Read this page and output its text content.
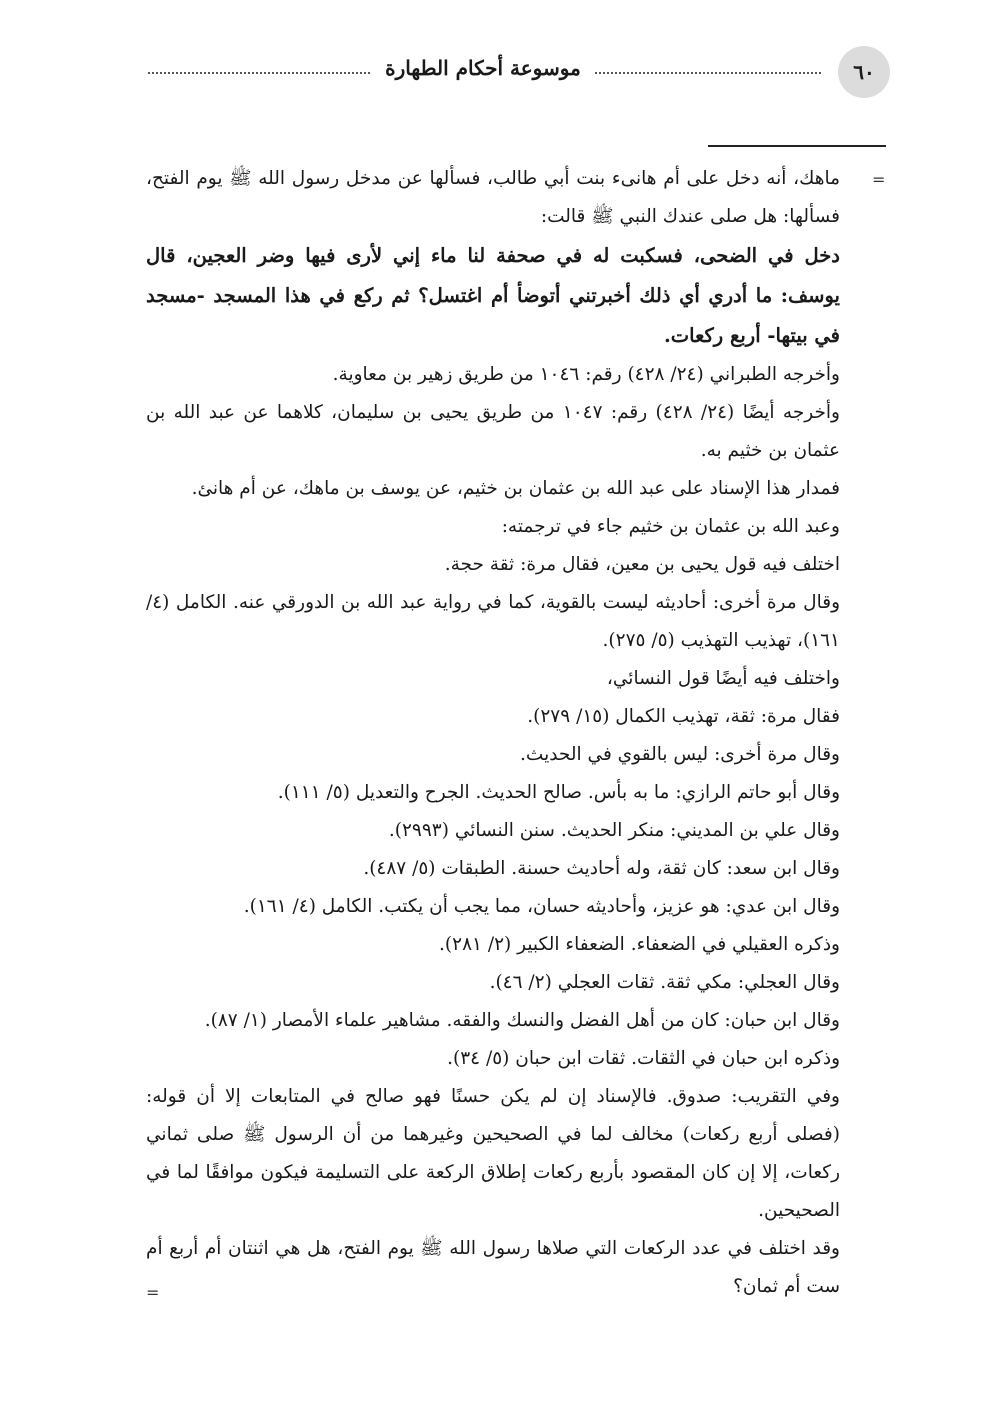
٦٠
موسوعة أحكام الطهارة
=

ماهك، أنه دخل على أم هانىء بنت أبي طالب، فسألها عن مدخل رسول الله ﷺ يوم الفتح، فسألها: هل صلى عندك النبي ﷺ قالت:

دخل في الضحى، فسكبت له في صحفة لنا ماء إني لأرى فيها وضر العجين، قال يوسف: ما أدري أي ذلك أخبرتني أتوضأ أم اغتسل؟ ثم ركع في هذا المسجد -مسجد في بيتها- أربع ركعات.

وأخرجه الطبراني (٢٤/ ٤٢٨) رقم: ١٠٤٦ من طريق زهير بن معاوية.

وأخرجه أيضًا (٢٤/ ٤٢٨) رقم: ١٠٤٧ من طريق يحيى بن سليمان، كلاهما عن عبد الله بن عثمان بن خثيم به.

فمدار هذا الإسناد على عبد الله بن عثمان بن خثيم، عن يوسف بن ماهك، عن أم هانئ.

وعبد الله بن عثمان بن خثيم جاء في ترجمته:

اختلف فيه قول يحيى بن معين، فقال مرة: ثقة حجة.

وقال مرة أخرى: أحاديثه ليست بالقوية، كما في رواية عبد الله بن الدورقي عنه. الكامل (٤/ ١٦١)، تهذيب التهذيب (٥/ ٢٧٥).

واختلف فيه أيضًا قول النسائي،

فقال مرة: ثقة، تهذيب الكمال (١٥/ ٢٧٩).

وقال مرة أخرى: ليس بالقوي في الحديث.

وقال أبو حاتم الرازي: ما به بأس. صالح الحديث. الجرح والتعديل (٥/ ١١١).

وقال علي بن المديني: منكر الحديث. سنن النسائي (٢٩٩٣).

وقال ابن سعد: كان ثقة، وله أحاديث حسنة. الطبقات (٥/ ٤٨٧).

وقال ابن عدي: هو عزيز، وأحاديثه حسان، مما يجب أن يكتب. الكامل (٤/ ١٦١).

وذكره العقيلي في الضعفاء. الضعفاء الكبير (٢/ ٢٨١).

وقال العجلي: مكي ثقة. ثقات العجلي (٢/ ٤٦).

وقال ابن حبان: كان من أهل الفضل والنسك والفقه. مشاهير علماء الأمصار (١/ ٨٧).

وذكره ابن حبان في الثقات. ثقات ابن حبان (٥/ ٣٤).

وفي التقريب: صدوق. فالإسناد إن لم يكن حسنًا فهو صالح في المتابعات إلا أن قوله: (فصلى أربع ركعات) مخالف لما في الصحيحين وغيرهما من أن الرسول ﷺ صلى ثماني ركعات، إلا إن كان المقصود بأربع ركعات إطلاق الركعة على التسليمة فيكون موافقًا لما في الصحيحين.

وقد اختلف في عدد الركعات التي صلاها رسول الله ﷺ يوم الفتح، هل هي اثنتان أم أربع أم ست أم ثمان؟

=
